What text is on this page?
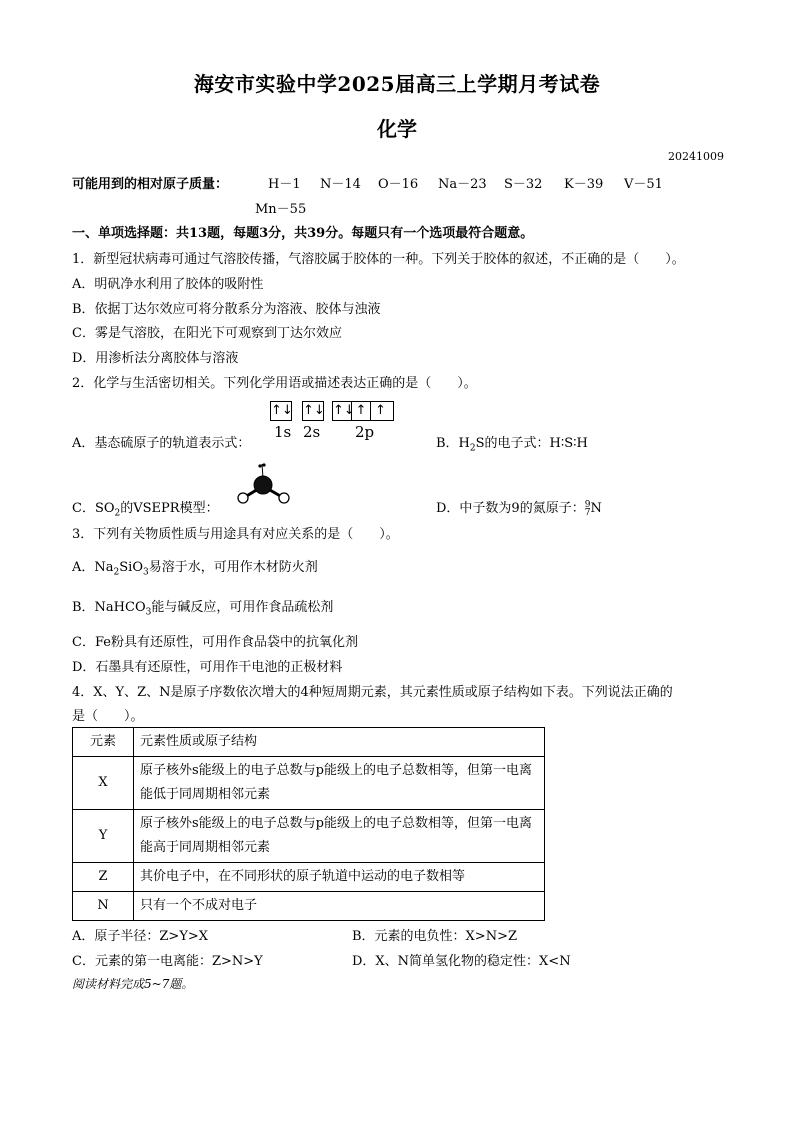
海安市实验中学2025届高三上学期月考试卷
化学
20241009
可能用到的相对原子质量：	H－1	N－14	O－16	Na－23	S－32	K－39	V－51
Mn－55
一、单项选择题：共13题，每题3分，共39分。每题只有一个选项最符合题意。
1．新型冠状病毒可通过气溶胶传播，气溶胶属于胶体的一种。下列关于胶体的叙述，不正确的是（　　）。
A．明矾净水利用了胶体的吸附性
B．依据丁达尔效应可将分散系分为溶液、胶体与浊液
C．雾是气溶胶，在阳光下可观察到丁达尔效应
D．用渗析法分离胶体与溶液
2．化学与生活密切相关。下列化学用语或描述表达正确的是（　　）。
↑↓ ↑↓ ↑↓ ↑ ↑
1s 2s 2p
A．基态硫原子的轨道表示式：	B．$H_2S$的电子式：H∶S∶H
C．$SO_2$的VSEPR模型：	D．中子数为9的氮原子： 9
7 N
3．下列有关物质性质与用途具有对应关系的是（　　）。
A．$Na_2SiO_3$易溶于水，可用作木材防火剂
B．NaHCO$_3$能与碱反应，可用作食品疏松剂
C．Fe粉具有还原性，可用作食品袋中的抗氧化剂
D．石墨具有还原性，可用作干电池的正极材料
4．X、Y、Z、N是原子序数依次增大的4种短周期元素，其元素性质或原子结构如下表。下列说法正确的
是（　　）。
元素	元素性质或原子结构
X	原子核外s能级上的电子总数与p能级上的电子总数相等，但第一电离能低于同周期相邻元素
Y	原子核外s能级上的电子总数与p能级上的电子总数相等，但第一电离能高于同周期相邻元素
Z	其价电子中，在不同形状的原子轨道中运动的电子数相等
N	只有一个不成对电子
A．原子半径：Z>Y>X	B．元素的电负性：X>N>Z
C．元素的第一电离能：Z>N>Y	D．X、N简单氢化物的稳定性：X<N
阅读材料完成5~7题。
